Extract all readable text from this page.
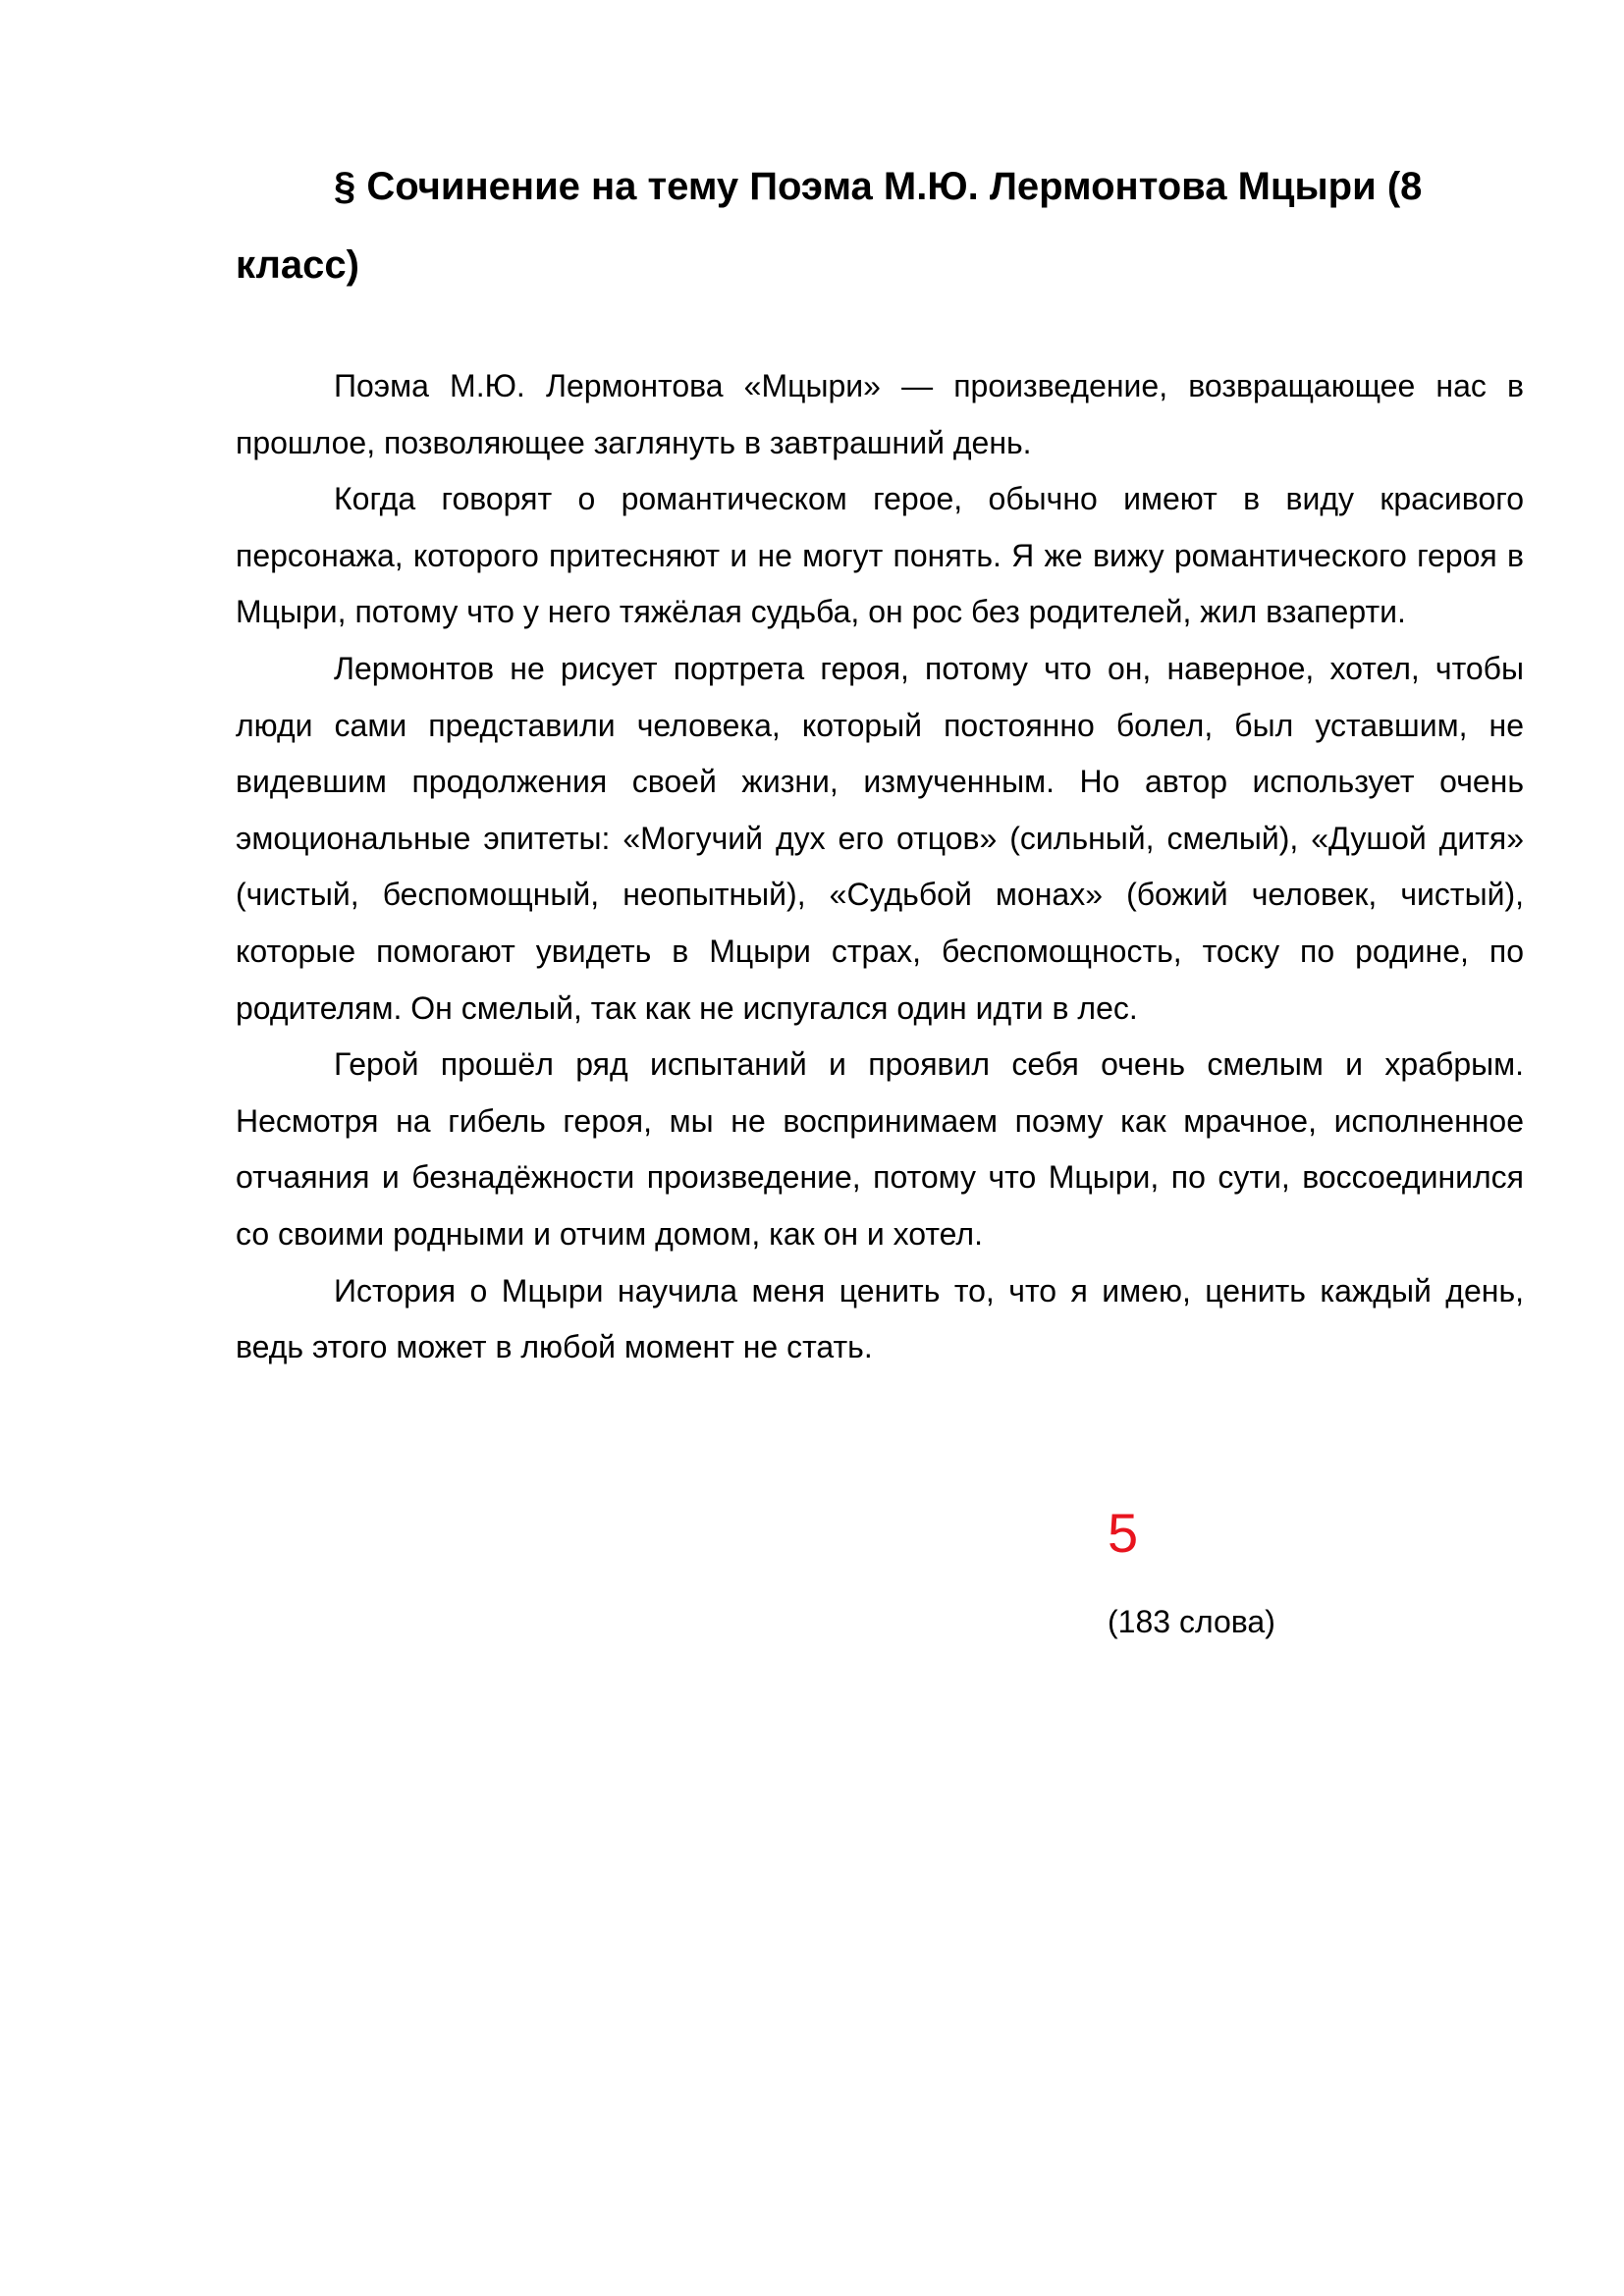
§ Сочинение на тему Поэма М.Ю. Лермонтова Мцыри (8 класс)

Поэма М.Ю. Лермонтова «Мцыри» — произведение, возвращающее нас в прошлое, позволяющее заглянуть в завтрашний день.

Когда говорят о романтическом герое, обычно имеют в виду красивого персонажа, которого притесняют и не могут понять. Я же вижу романтического героя в Мцыри, потому что у него тяжёлая судьба, он рос без родителей, жил взаперти.

Лермонтов не рисует портрета героя, потому что он, наверное, хотел, чтобы люди сами представили человека, который постоянно болел, был уставшим, не видевшим продолжения своей жизни, измученным. Но автор использует очень эмоциональные эпитеты: «Могучий дух его отцов» (сильный, смелый), «Душой дитя» (чистый, беспомощный, неопытный), «Судьбой монах» (божий человек, чистый), которые помогают увидеть в Мцыри страх, беспомощность, тоску по родине, по родителям. Он смелый, так как не испугался один идти в лес.

Герой прошёл ряд испытаний и проявил себя очень смелым и храбрым. Несмотря на гибель героя, мы не воспринимаем поэму как мрачное, исполненное отчаяния и безнадёжности произведение, потому что Мцыри, по сути, воссоединился со своими родными и отчим домом, как он и хотел.

История о Мцыри научила меня ценить то, что я имею, ценить каждый день, ведь этого может в любой момент не стать.

5
(183 слова)
